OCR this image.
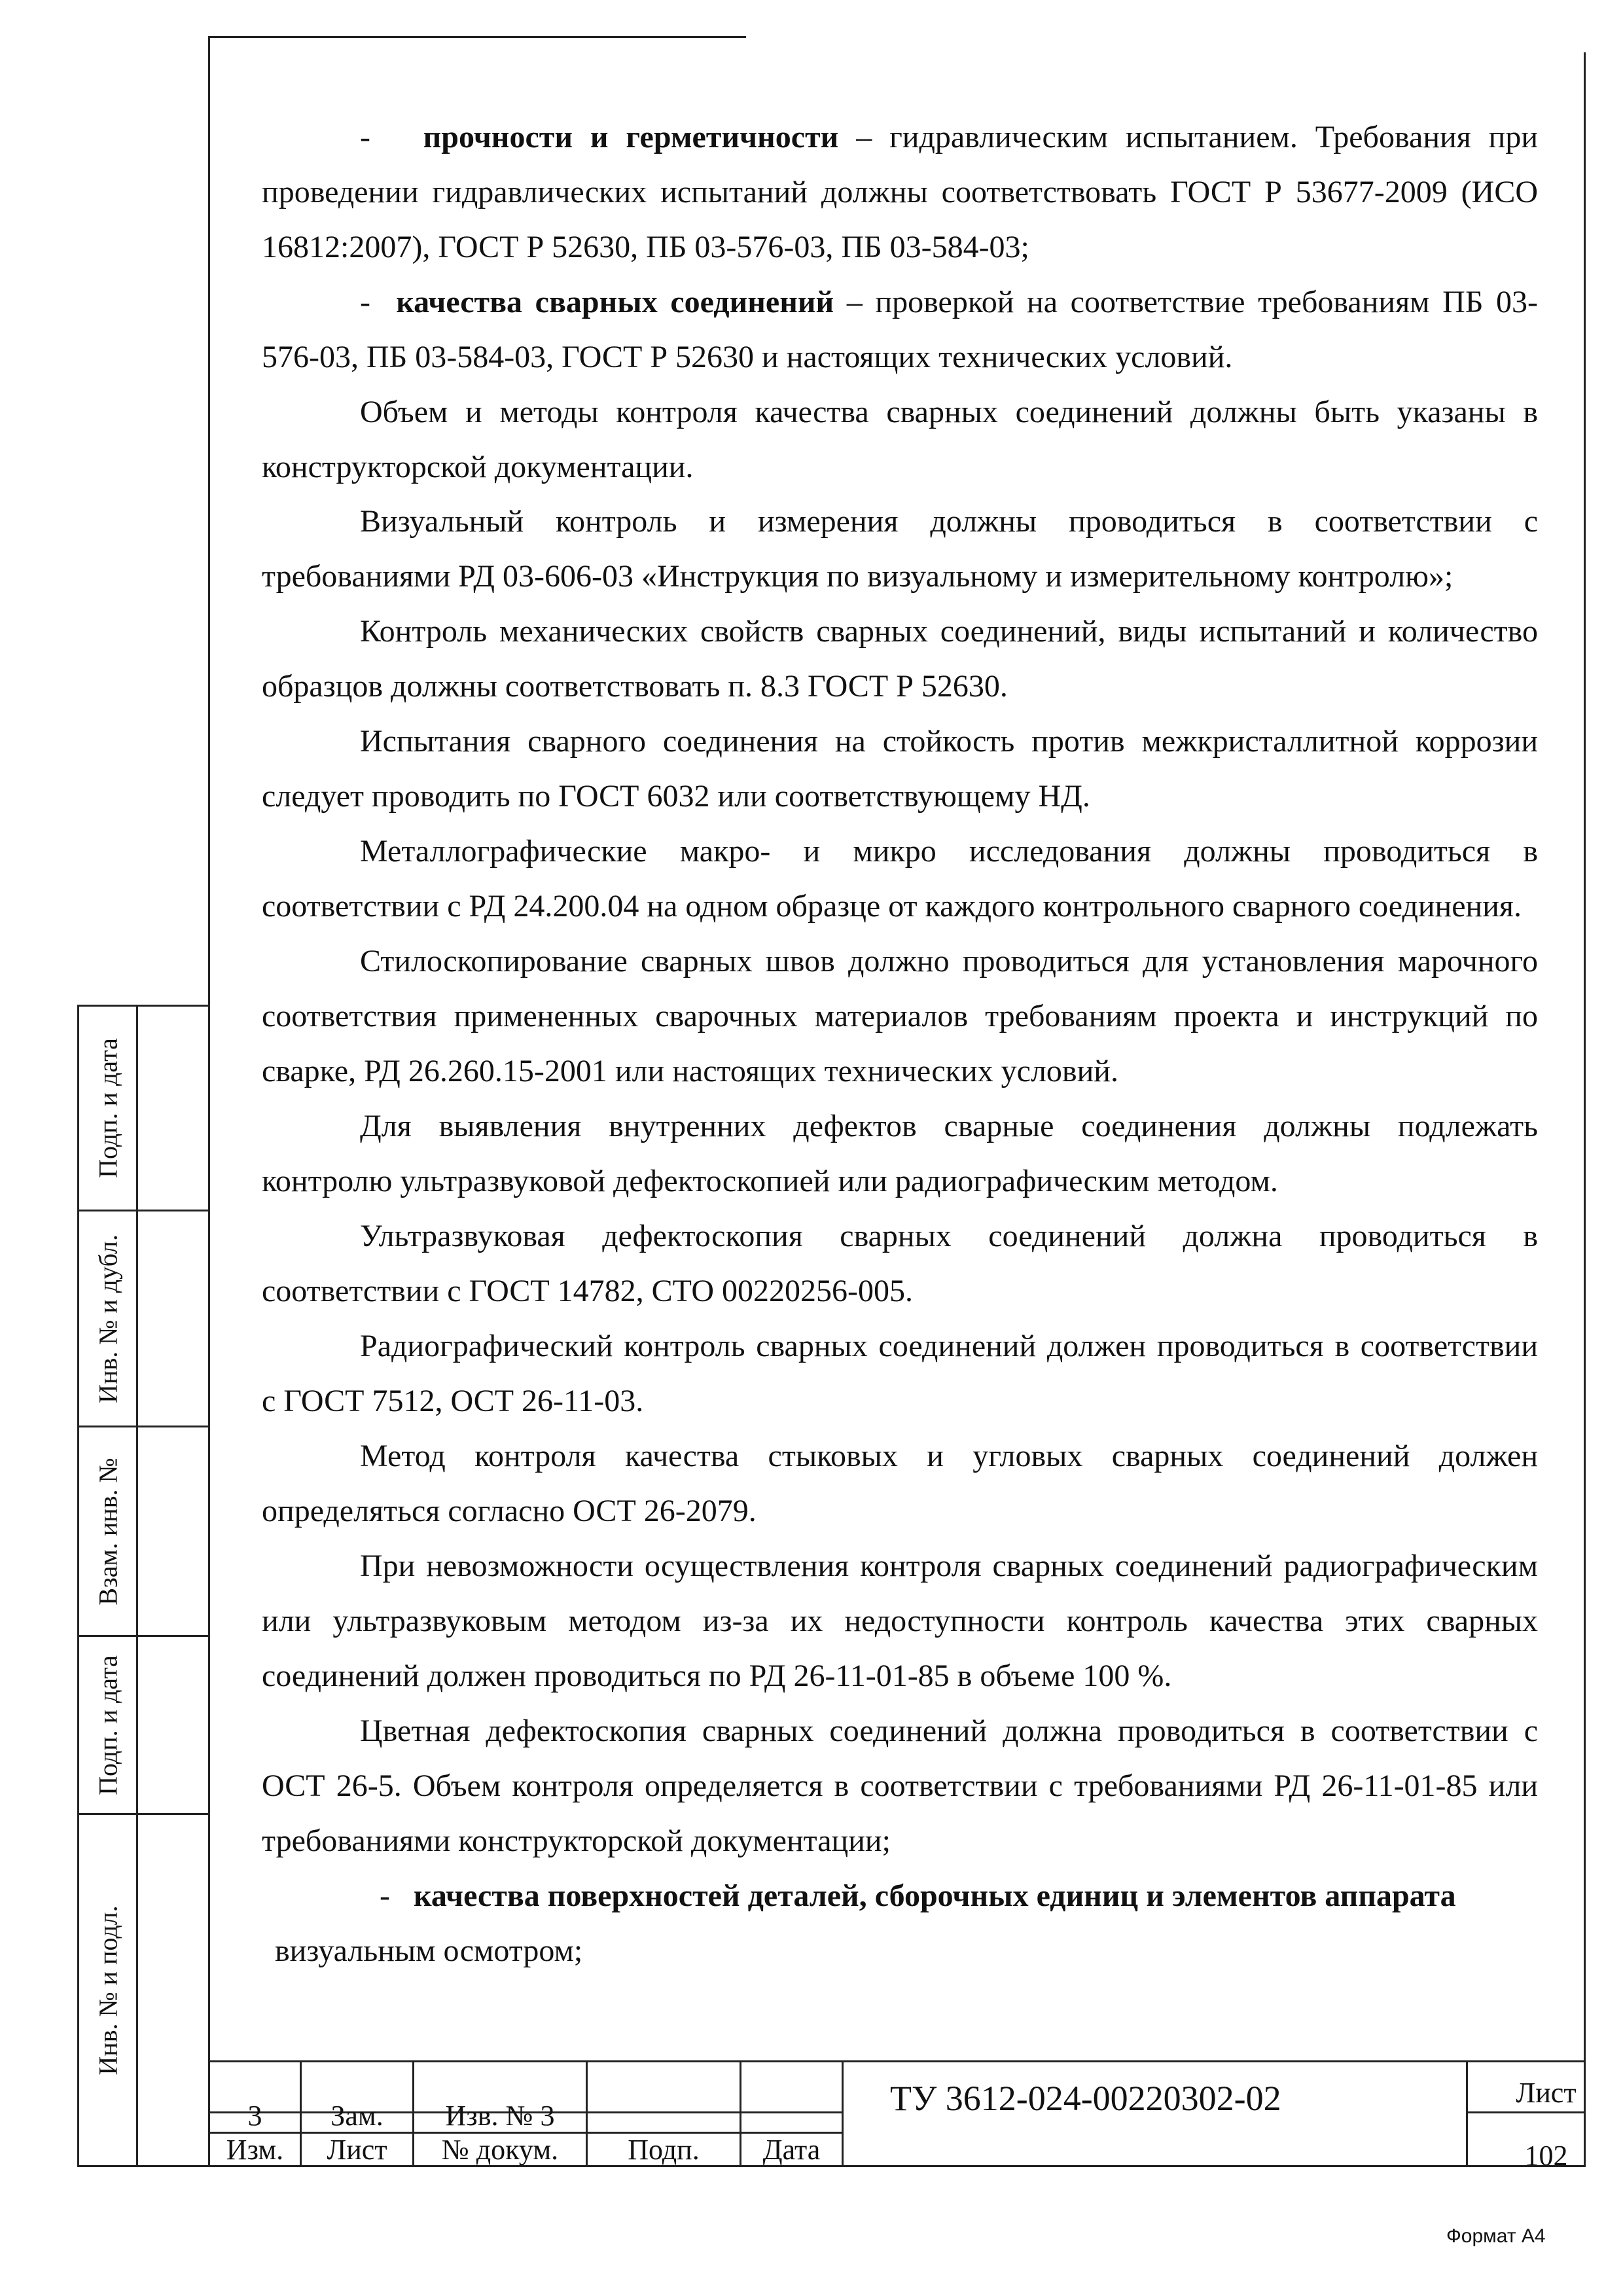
Подп. и дата
Инв. № и дубл.
Взам. инв. №
Подп. и дата
Инв. № и подл.

- прочности и герметичности – гидравлическим испытанием. Требования при проведении гидравлических испытаний должны соответствовать ГОСТ Р 53677-2009 (ИСО 16812:2007), ГОСТ Р 52630, ПБ 03-576-03, ПБ 03-584-03;

- качества сварных соединений – проверкой на соответствие требованиям ПБ 03-576-03, ПБ 03-584-03, ГОСТ Р 52630 и настоящих технических условий.

Объем и методы контроля качества сварных соединений должны быть указаны в конструкторской документации.

Визуальный контроль и измерения должны проводиться в соответствии с требованиями РД 03-606-03 «Инструкция по визуальному и измерительному контролю»;

Контроль механических свойств сварных соединений, виды испытаний и количество образцов должны соответствовать п. 8.3 ГОСТ Р 52630.

Испытания сварного соединения на стойкость против межкристаллитной коррозии следует проводить по ГОСТ 6032 или соответствующему НД.

Металлографические макро- и микро исследования должны проводиться в соответствии с РД 24.200.04 на одном образце от каждого контрольного сварного соединения.

Стилоскопирование сварных швов должно проводиться для установления марочного соответствия примененных сварочных материалов требованиям проекта и инструкций по сварке, РД 26.260.15-2001 или настоящих технических условий.

Для выявления внутренних дефектов сварные соединения должны подлежать контролю ультразвуковой дефектоскопией или радиографическим методом.

Ультразвуковая дефектоскопия сварных соединений должна проводиться в соответствии с ГОСТ 14782, СТО 00220256-005.

Радиографический контроль сварных соединений должен проводиться в соответствии с ГОСТ 7512, ОСТ 26-11-03.

Метод контроля качества стыковых и угловых сварных соединений должен определяться согласно ОСТ 26-2079.

При невозможности осуществления контроля сварных соединений радиографическим или ультразвуковым методом из-за их недоступности контроль качества этих сварных соединений должен проводиться по РД 26-11-01-85 в объеме 100 %.

Цветная дефектоскопия сварных соединений должна проводиться в соответствии с ОСТ 26-5. Объем контроля определяется в соответствии с требованиями РД 26-11-01-85 или требованиями конструкторской документации;

- качества поверхностей деталей, сборочных единиц и элементов аппарата

визуальным осмотром;

3	Зам.	Изв. № 3
Изм.	Лист	№ докум.	Подп.	Дата
ТУ 3612-024-00220302-02	Лист
102
Формат А4
